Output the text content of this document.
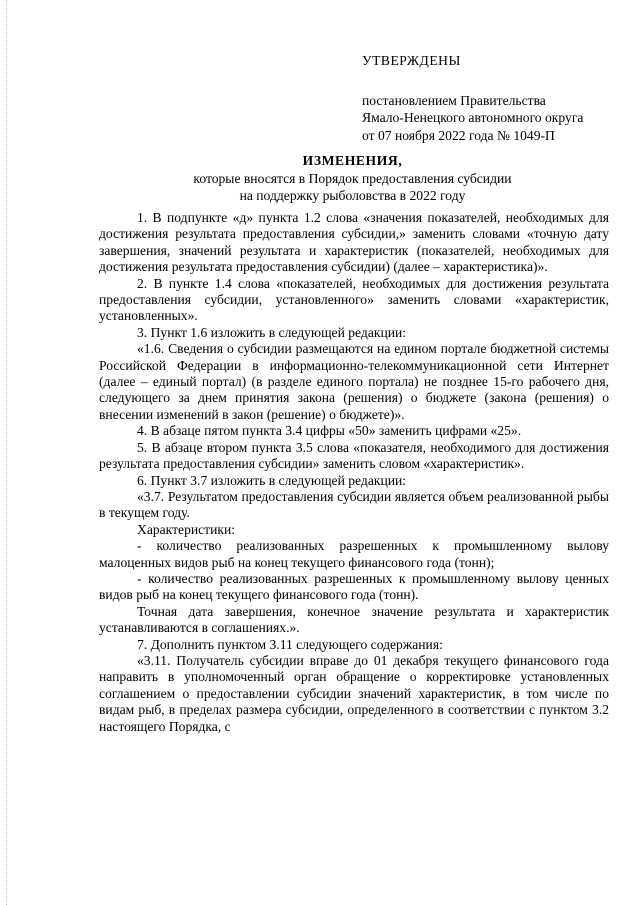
УТВЕРЖДЕНЫ
постановлением Правительства
Ямало-Ненецкого автономного округа
от 07 ноября 2022 года № 1049-П
ИЗМЕНЕНИЯ,
которые вносятся в Порядок предоставления субсидии
на поддержку рыболовства в 2022 году

1. В подпункте «д» пункта 1.2 слова «значения показателей, необходимых для достижения результата предоставления субсидии,» заменить словами «точную дату завершения, значений результата и характеристик (показателей, необходимых для достижения результата предоставления субсидии) (далее – характеристика)».

2. В пункте 1.4 слова «показателей, необходимых для достижения результата предоставления субсидии, установленного» заменить словами «характеристик, установленных».

3. Пункт 1.6 изложить в следующей редакции:

«1.6. Сведения о субсидии размещаются на едином портале бюджетной системы Российской Федерации в информационно-телекоммуникационной сети Интернет (далее – единый портал) (в разделе единого портала) не позднее 15-го рабочего дня, следующего за днем принятия закона (решения) о бюджете (закона (решения) о внесении изменений в закон (решение) о бюджете)».

4. В абзаце пятом пункта 3.4 цифры «50» заменить цифрами «25».

5. В абзаце втором пункта 3.5 слова «показателя, необходимого для достижения результата предоставления субсидии» заменить словом «характеристик».

6. Пункт 3.7 изложить в следующей редакции:

«3.7. Результатом предоставления субсидии является объем реализованной рыбы в текущем году.

Характеристики:

- количество реализованных разрешенных к промышленному вылову малоценных видов рыб на конец текущего финансового года (тонн);

- количество реализованных разрешенных к промышленному вылову ценных видов рыб на конец текущего финансового года (тонн).

Точная дата завершения, конечное значение результата и характеристик устанавливаются в соглашениях.».

7. Дополнить пунктом 3.11 следующего содержания:

«3.11. Получатель субсидии вправе до 01 декабря текущего финансового года направить в уполномоченный орган обращение о корректировке установленных соглашением о предоставлении субсидии значений характеристик, в том числе по видам рыб, в пределах размера субсидии, определенного в соответствии с пунктом 3.2 настоящего Порядка, с
